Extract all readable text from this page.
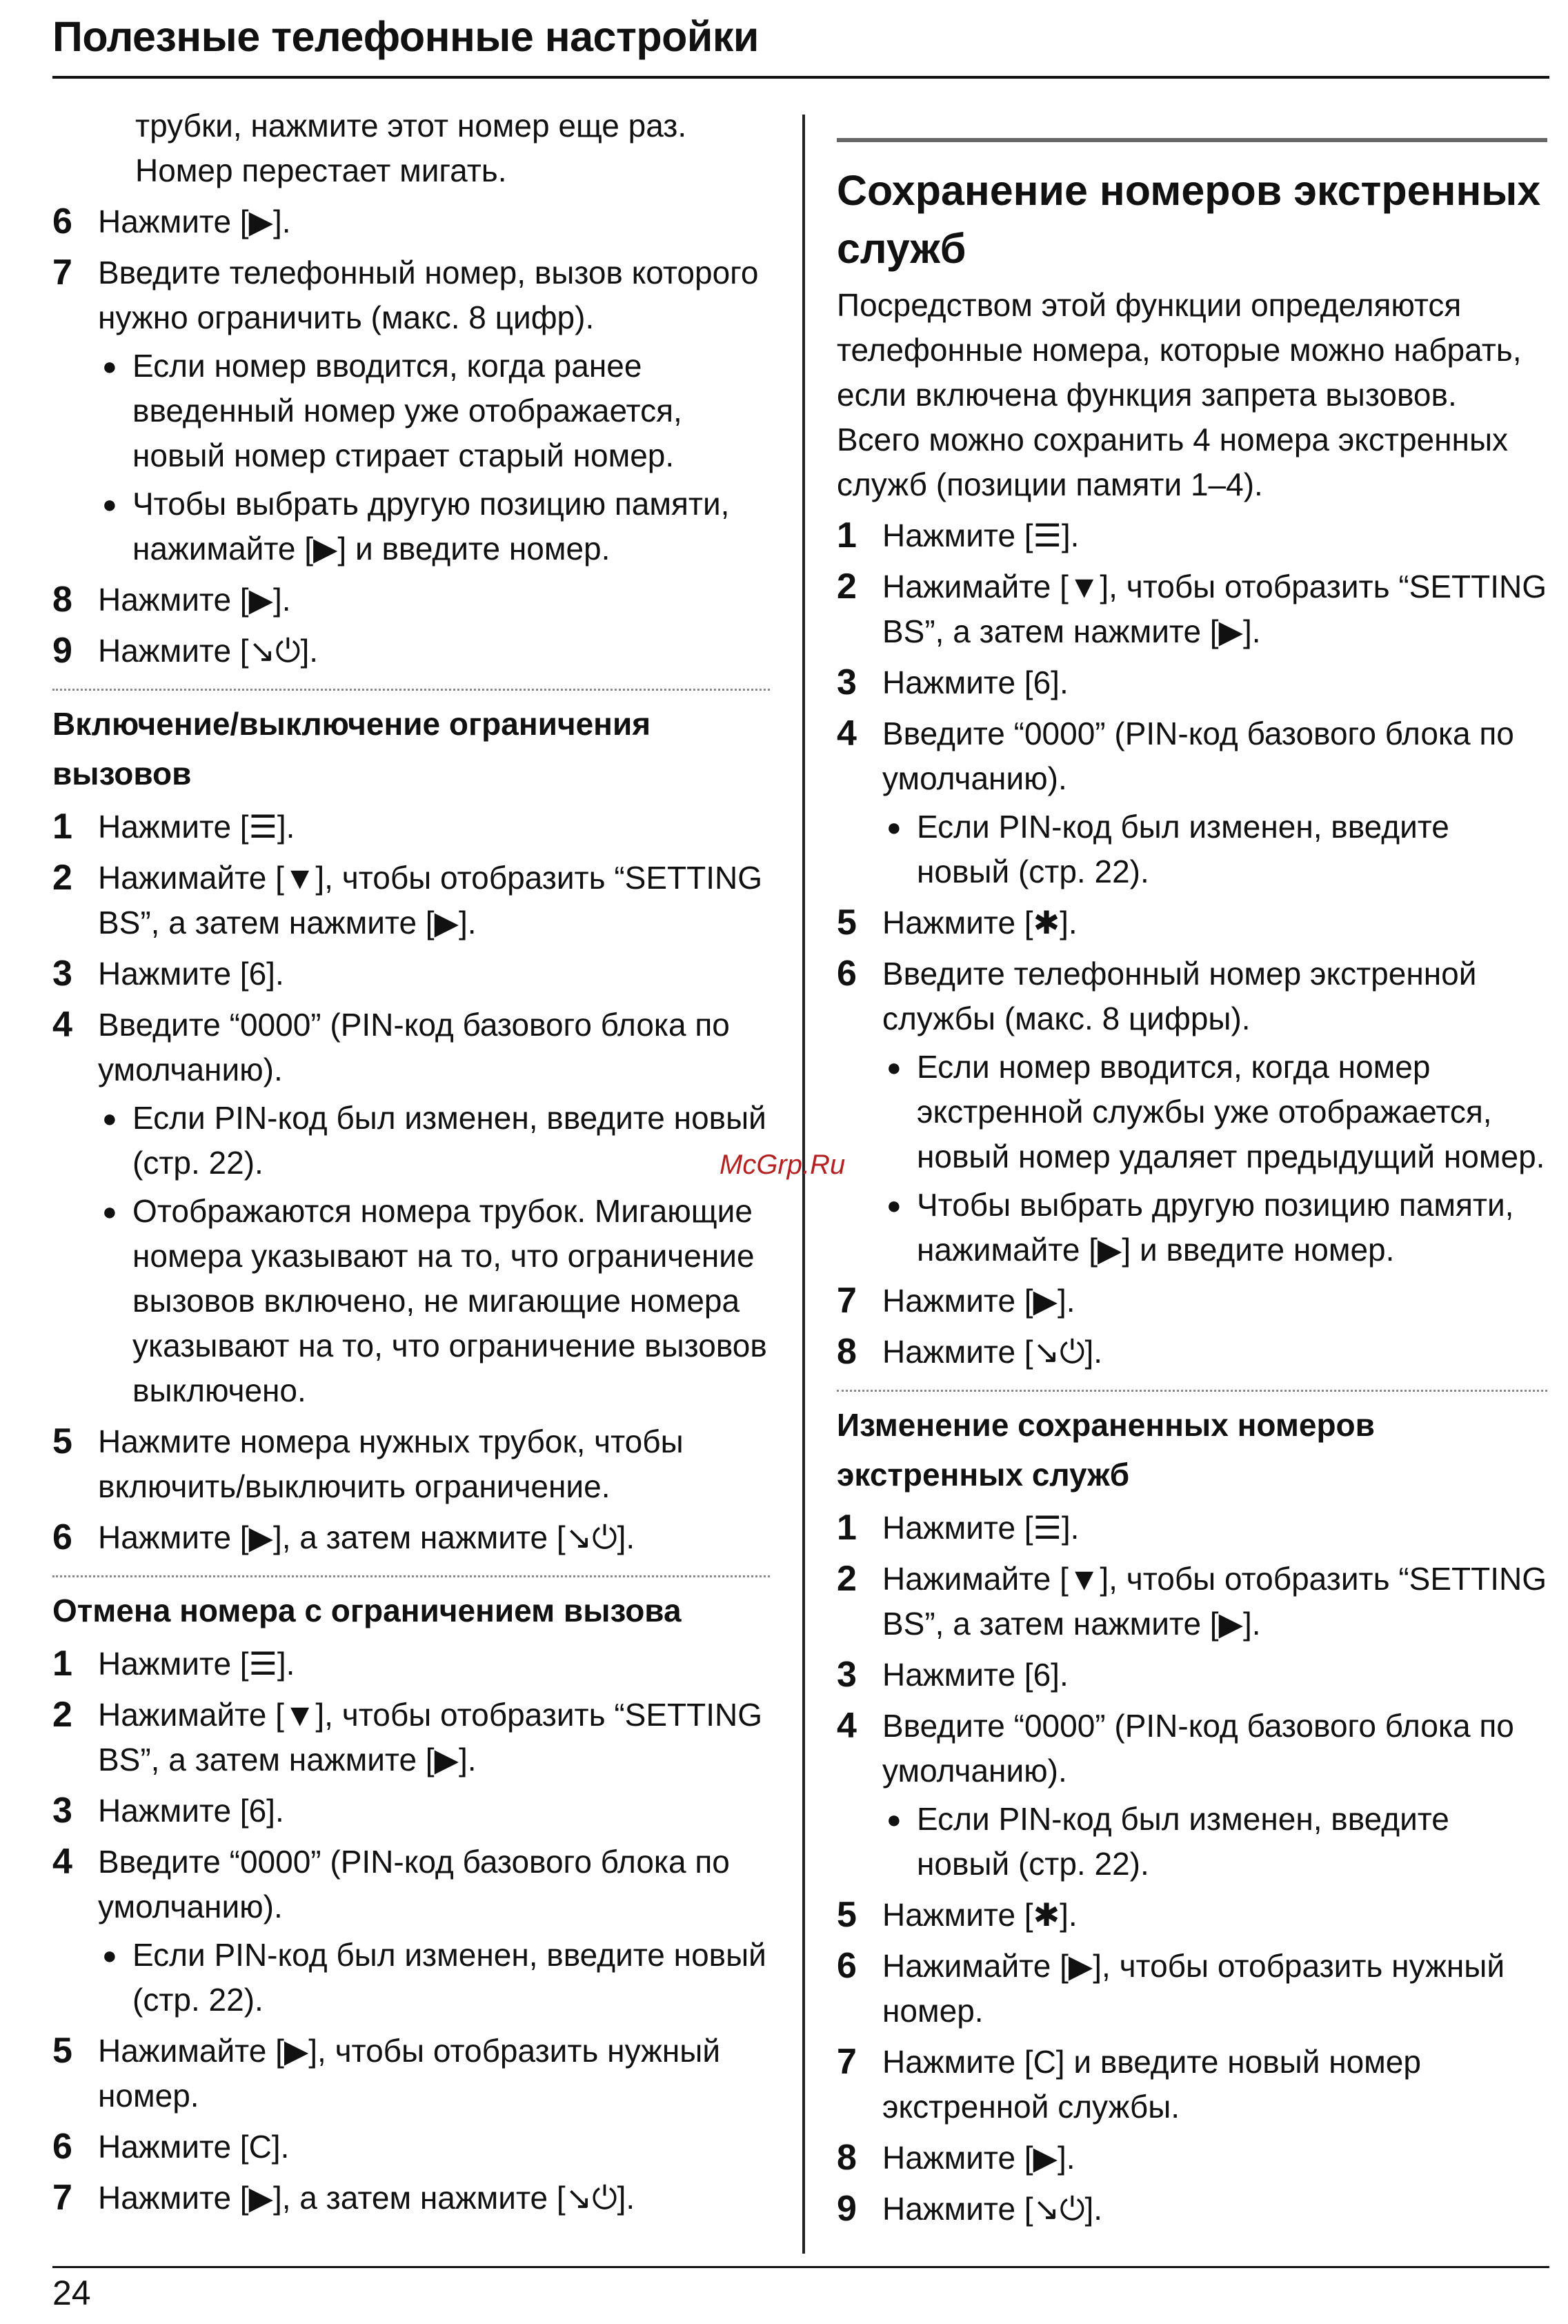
Полезные телефонные настройки

трубки, нажмите этот номер еще раз. Номер перестает мигать.

6 Нажмите [▶].
7 Введите телефонный номер, вызов которого нужно ограничить (макс. 8 цифр).
● Если номер вводится, когда ранее введенный номер уже отображается, новый номер стирает старый номер.
● Чтобы выбрать другую позицию памяти, нажимайте [▶] и введите номер.
8 Нажмите [▶].
9 Нажмите [↘⏻].
Включение/выключение ограничения вызовов
1 Нажмите [☰].
2 Нажимайте [▼], чтобы отобразить “SETTING BS”, а затем нажмите [▶].
3 Нажмите [6].
4 Введите “0000” (PIN-код базового блока по умолчанию).
● Если PIN-код был изменен, введите новый (стр. 22).
● Отображаются номера трубок. Мигающие номера указывают на то, что ограничение вызовов включено, не мигающие номера указывают на то, что ограничение вызовов выключено.
5 Нажмите номера нужных трубок, чтобы включить/выключить ограничение.
6 Нажмите [▶], а затем нажмите [↘⏻].
Отмена номера с ограничением вызова
1 Нажмите [☰].
2 Нажимайте [▼], чтобы отобразить “SETTING BS”, а затем нажмите [▶].
3 Нажмите [6].
4 Введите “0000” (PIN-код базового блока по умолчанию).
● Если PIN-код был изменен, введите новый (стр. 22).
5 Нажимайте [▶], чтобы отобразить нужный номер.
6 Нажмите [C].
7 Нажмите [▶], а затем нажмите [↘⏻].
Сохранение номеров экстренных служб

Посредством этой функции определяются телефонные номера, которые можно набрать, если включена функция запрета вызовов. Всего можно сохранить 4 номера экстренных служб (позиции памяти 1–4).

1 Нажмите [☰].
2 Нажимайте [▼], чтобы отобразить “SETTING BS”, а затем нажмите [▶].
3 Нажмите [6].
4 Введите “0000” (PIN-код базового блока по умолчанию).
● Если PIN-код был изменен, введите новый (стр. 22).
5 Нажмите [✱].
6 Введите телефонный номер экстренной службы (макс. 8 цифры).
● Если номер вводится, когда номер экстренной службы уже отображается, новый номер удаляет предыдущий номер.
● Чтобы выбрать другую позицию памяти, нажимайте [▶] и введите номер.
7 Нажмите [▶].
8 Нажмите [↘⏻].
Изменение сохраненных номеров экстренных служб
1 Нажмите [☰].
2 Нажимайте [▼], чтобы отобразить “SETTING BS”, а затем нажмите [▶].
3 Нажмите [6].
4 Введите “0000” (PIN-код базового блока по умолчанию).
● Если PIN-код был изменен, введите новый (стр. 22).
5 Нажмите [✱].
6 Нажимайте [▶], чтобы отобразить нужный номер.
7 Нажмите [C] и введите новый номер экстренной службы.
8 Нажмите [▶].
9 Нажмите [↘⏻].
McGrp.Ru
24
